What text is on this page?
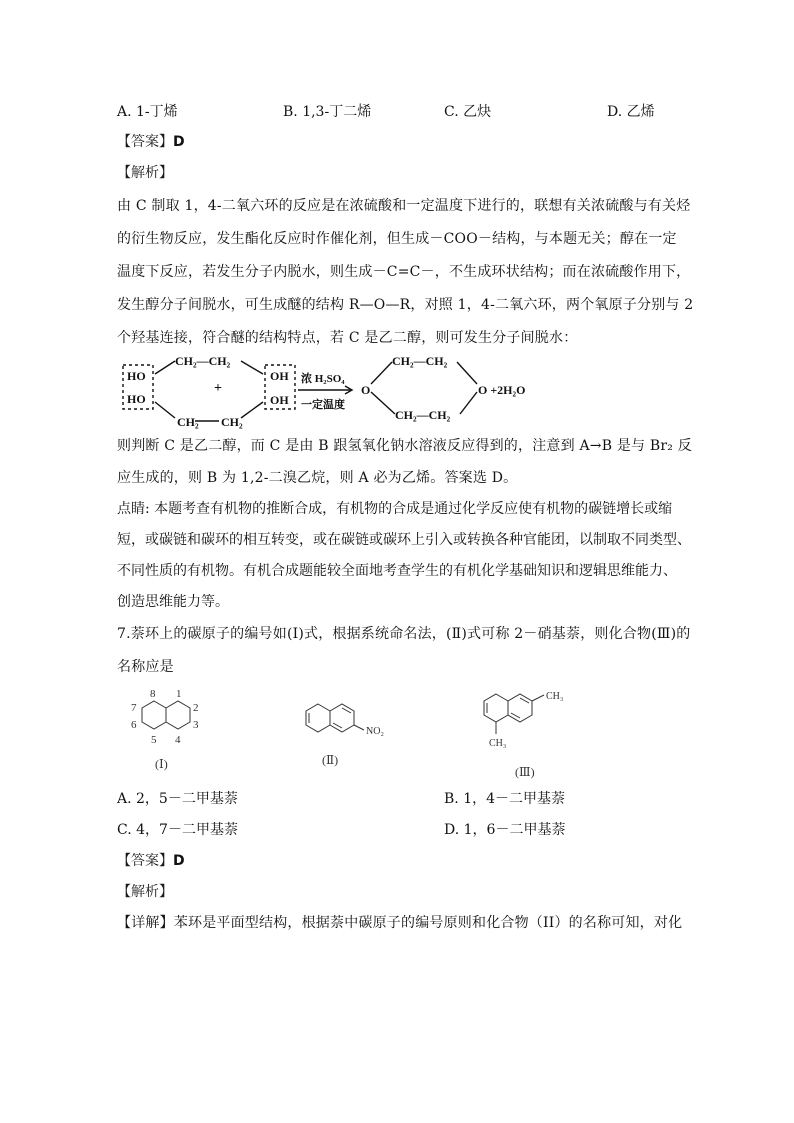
A. 1-丁烯	B. 1,3-丁二烯	C. 乙炔	D. 乙烯
【答案】D
【解析】
由 C 制取 1，4-二氧六环的反应是在浓硫酸和一定温度下进行的，联想有关浓硫酸与有关烃
的衍生物反应，发生酯化反应时作催化剂，但生成－COO－结构，与本题无关；醇在一定
温度下反应，若发生分子内脱水，则生成－C=C－，不生成环状结构；而在浓硫酸作用下，
发生醇分子间脱水，可生成醚的结构 R—O—R，对照 1，4-二氧六环，两个氧原子分别与 2
个羟基连接，符合醚的结构特点，若 C 是乙二醇，则可发生分子间脱水：
CH₂—CH₂
CH₂ CH₂
HO
HO
OH
OH
+
浓 H₂SO₄
一定温度
CH₂—CH₂
CH₂—CH₂
O	O +2H₂O
则判断 C 是乙二醇，而 C 是由 B 跟氢氧化钠水溶液反应得到的，注意到 A→B 是与 Br₂ 反
应生成的，则 B 为 1,2-二溴乙烷，则 A 必为乙烯。答案选 D。
点睛: 本题考查有机物的推断合成，有机物的合成是通过化学反应使有机物的碳链增长或缩
短，或碳链和碳环的相互转变，或在碳链或碳环上引入或转换各种官能团，以制取不同类型、
不同性质的有机物。有机合成题能较全面地考查学生的有机化学基础知识和逻辑思维能力、
创造思维能力等。
7.萘环上的碳原子的编号如(Ⅰ)式，根据系统命名法，(Ⅱ)式可称 2－硝基萘，则化合物(Ⅲ)的
名称应是
8 1
7	2
6	3
5 4
(Ⅰ)
NO₂
(Ⅱ)
CH₃
CH₃
(Ⅲ)
A. 2，5－二甲基萘	B. 1，4－二甲基萘
C. 4，7－二甲基萘	D. 1，6－二甲基萘
【答案】D
【解析】
【详解】苯环是平面型结构，根据萘中碳原子的编号原则和化合物（II）的名称可知，对化
